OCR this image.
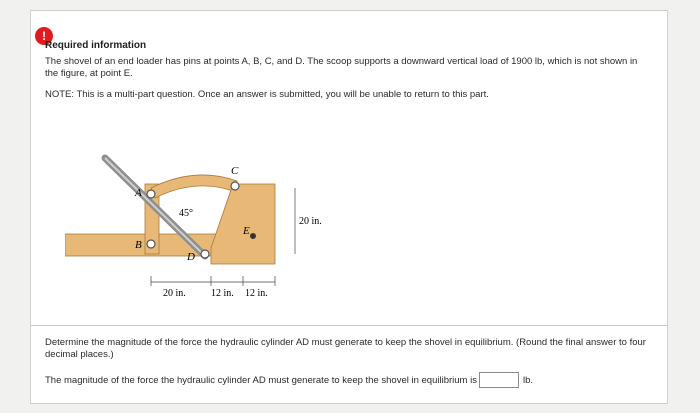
!
Required information
The shovel of an end loader has pins at points A, B, C, and D. The scoop supports a downward vertical load of 1900 lb, which is not shown in the figure, at point E.
NOTE: This is a multi-part question. Once an answer is submitted, you will be unable to return to this part.
A
B
C
D
E
45°
20 in.
20 in.	12 in. 12 in.
Determine the magnitude of the force the hydraulic cylinder AD must generate to keep the shovel in equilibrium. (Round the final answer to four decimal places.)
The magnitude of the force the hydraulic cylinder AD must generate to keep the shovel in equilibrium is	lb.
